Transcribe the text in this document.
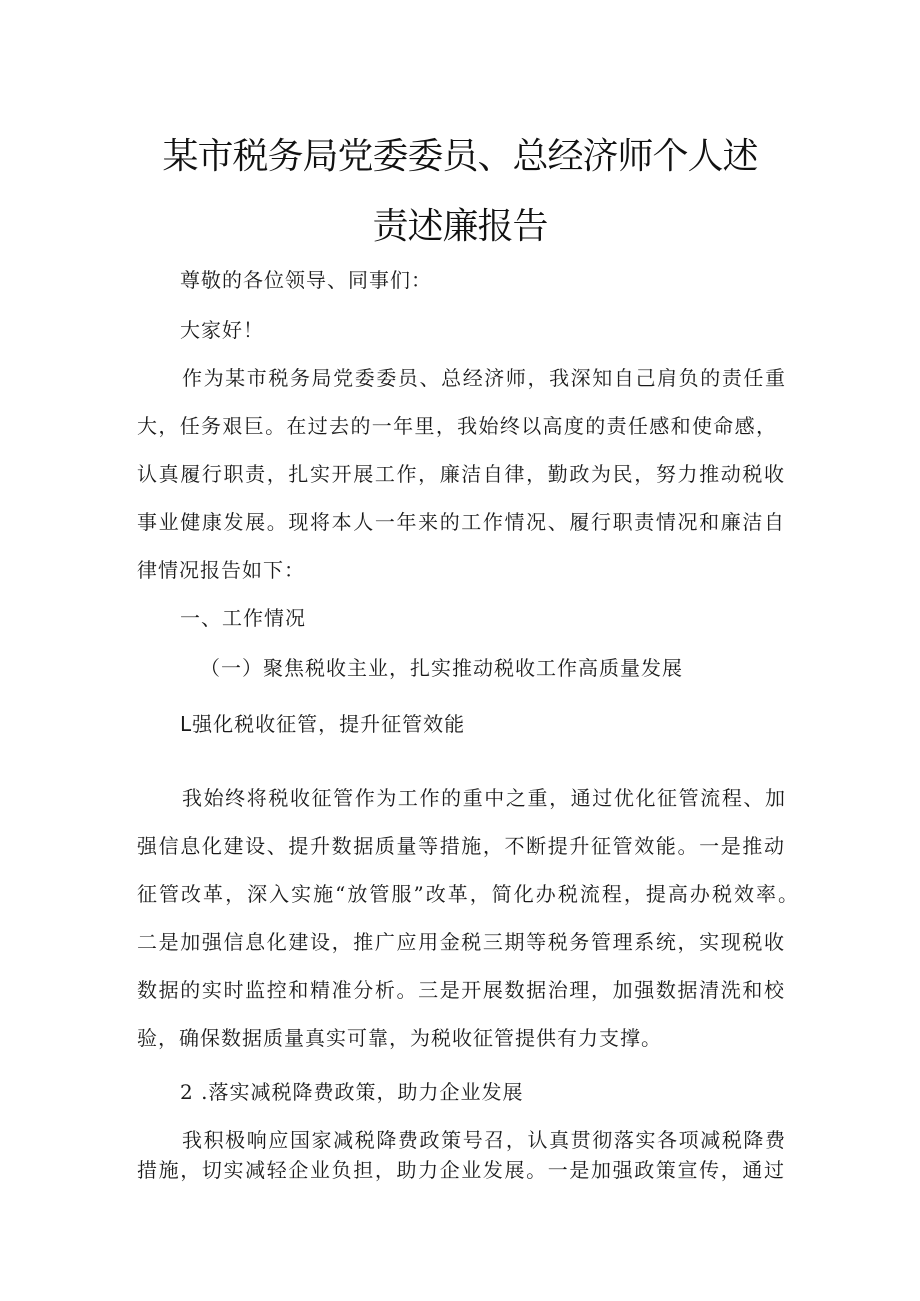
某市税务局党委委员、总经济师个人述
责述廉报告
尊敬的各位领导、同事们：
大家好！
作为某市税务局党委委员、总经济师，我深知自己肩负的责任重
大，任务艰巨。在过去的一年里，我始终以高度的责任感和使命感，
认真履行职责，扎实开展工作，廉洁自律，勤政为民，努力推动税收
事业健康发展。现将本人一年来的工作情况、履行职责情况和廉洁自
律情况报告如下：
一、工作情况
（一）聚焦税收主业，扎实推动税收工作高质量发展
L强化税收征管，提升征管效能
我始终将税收征管作为工作的重中之重，通过优化征管流程、加
强信息化建设、提升数据质量等措施，不断提升征管效能。一是推动
征管改革，深入实施“放管服”改革，简化办税流程，提高办税效率。
二是加强信息化建设，推广应用金税三期等税务管理系统，实现税收
数据的实时监控和精准分析。三是开展数据治理，加强数据清洗和校
验，确保数据质量真实可靠，为税收征管提供有力支撑。
2 .落实减税降费政策，助力企业发展
我积极响应国家减税降费政策号召，认真贯彻落实各项减税降费
措施，切实减轻企业负担，助力企业发展。一是加强政策宣传，通过
